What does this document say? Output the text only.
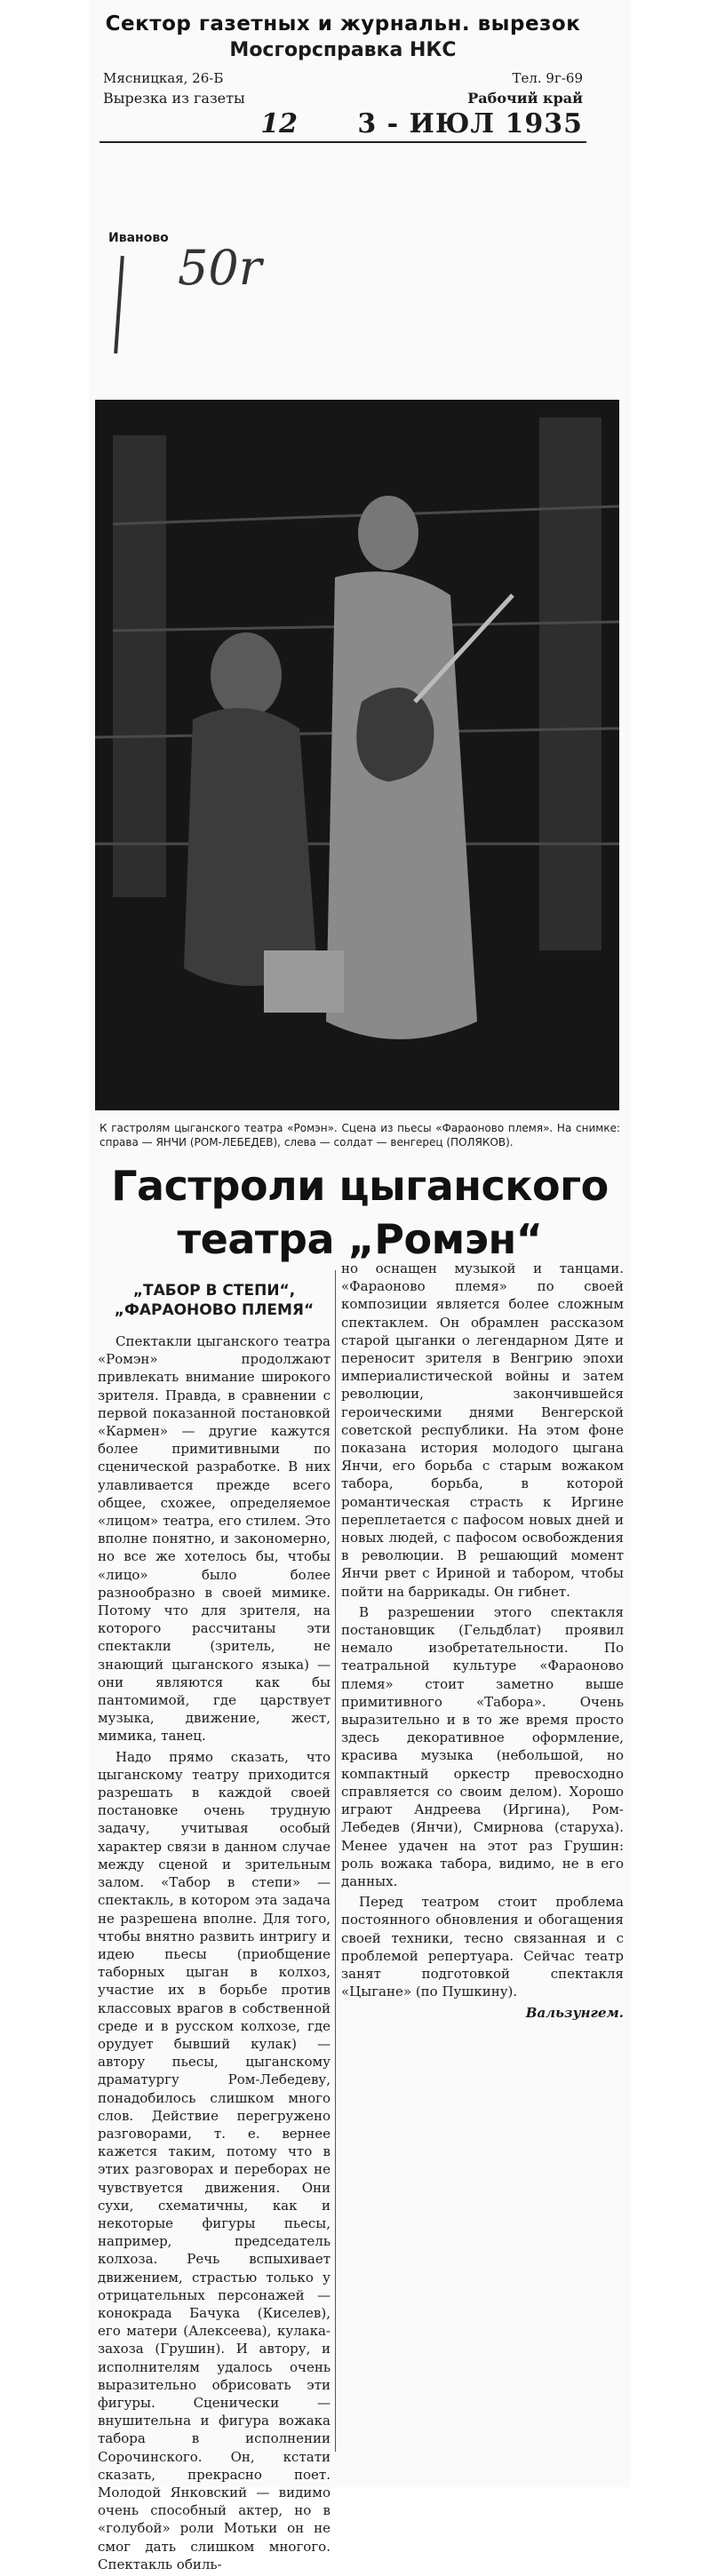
Сектор газетных и журнальн. вырезок
Мосгорсправка НКС
Мясницкая, 26-Б	Тел. 9г-69
Вырезка из газеты	Рабочий край
12 3 - ИЮЛ 1935
Иваново
50r
К гастролям цыганского театра «Ромэн». Сцена из пьесы «Фараоново племя». На снимке: справа — ЯНЧИ (РОМ-ЛЕБЕДЕВ), слева — солдат — венгерец (ПОЛЯКОВ).
Гастроли цыганского
театра „Ромэн“
„ТАБОР В СТЕПИ“,
„ФАРАОНОВО ПЛЕМЯ“

Спектакли цыганского театра «Ромэн» продолжают привлекать внимание широкого зрителя. Правда, в сравнении с первой показанной постановкой «Кармен» — другие кажутся более примитивными по сценической разработке. В них улавливается прежде всего общее, схожее, определяемое «лицом» театра, его стилем. Это вполне понятно, и закономерно, но все же хотелось бы, чтобы «лицо» было более разнообразно в своей мимике. Потому что для зрителя, на которого рассчитаны эти спектакли (зритель, не знающий цыганского языка) — они являются как бы пантомимой, где царствует музыка, движение, жест, мимика, танец.

Надо прямо сказать, что цыганскому театру приходится разрешать в каждой своей постановке очень трудную задачу, учитывая особый характер связи в данном случае между сценой и зрительным залом. «Табор в степи» — спектакль, в котором эта задача не разрешена вполне. Для того, чтобы внятно развить интригу и идею пьесы (приобщение таборных цыган в колхоз, участие их в борьбе против классовых врагов в собственной среде и в русском колхозе, где орудует бывший кулак) — автору пьесы, цыганскому драматургу Ром-Лебедеву, понадобилось слишком много слов. Действие перегружено разговорами, т. е. вернее кажется таким, потому что в этих разговорах и переборах не чувствуется движения. Они сухи, схематичны, как и некоторые фигуры пьесы, например, председатель колхоза. Речь вспыхивает движением, страстью только у отрицательных персонажей — конокрада Бачука (Киселев), его матери (Алексеева), кулака-захоза (Грушин). И автору, и исполнителям удалось очень выразительно обрисовать эти фигуры. Сценически — внушительна и фигура вожака табора в исполнении Сорочинского. Он, кстати сказать, прекрасно поет. Молодой Янковский — видимо очень способный актер, но в «голубой» роли Мотьки он не смог дать слишком многого. Спектакль обиль-

но оснащен музыкой и танцами. «Фараоново племя» по своей композиции является более сложным спектаклем. Он обрамлен рассказом старой цыганки о легендарном Дяте и переносит зрителя в Венгрию эпохи империалистической войны и затем революции, закончившейся героическими днями Венгерской советской республики. На этом фоне показана история молодого цыгана Янчи, его борьба с старым вожаком табора, борьба, в которой романтическая страсть к Иргине переплетается с пафосом новых дней и новых людей, с пафосом освобождения в революции. В решающий момент Янчи рвет с Ириной и табором, чтобы пойти на баррикады. Он гибнет.

В разрешении этого спектакля постановщик (Гельдблат) проявил немало изобретательности. По театральной культуре «Фараоново племя» стоит заметно выше примитивного «Табора». Очень выразительно и в то же время просто здесь декоративное оформление, красива музыка (небольшой, но компактный оркестр превосходно справляется со своим делом). Хорошо играют Андреева (Иргина), Ром-Лебедев (Янчи), Смирнова (старуха). Менее удачен на этот раз Грушин: роль вожака табора, видимо, не в его данных.

Перед театром стоит проблема постоянного обновления и обогащения своей техники, тесно связанная и с проблемой репертуара. Сейчас театр занят подготовкой спектакля «Цыгане» (по Пушкину).

Вальзунгем.
